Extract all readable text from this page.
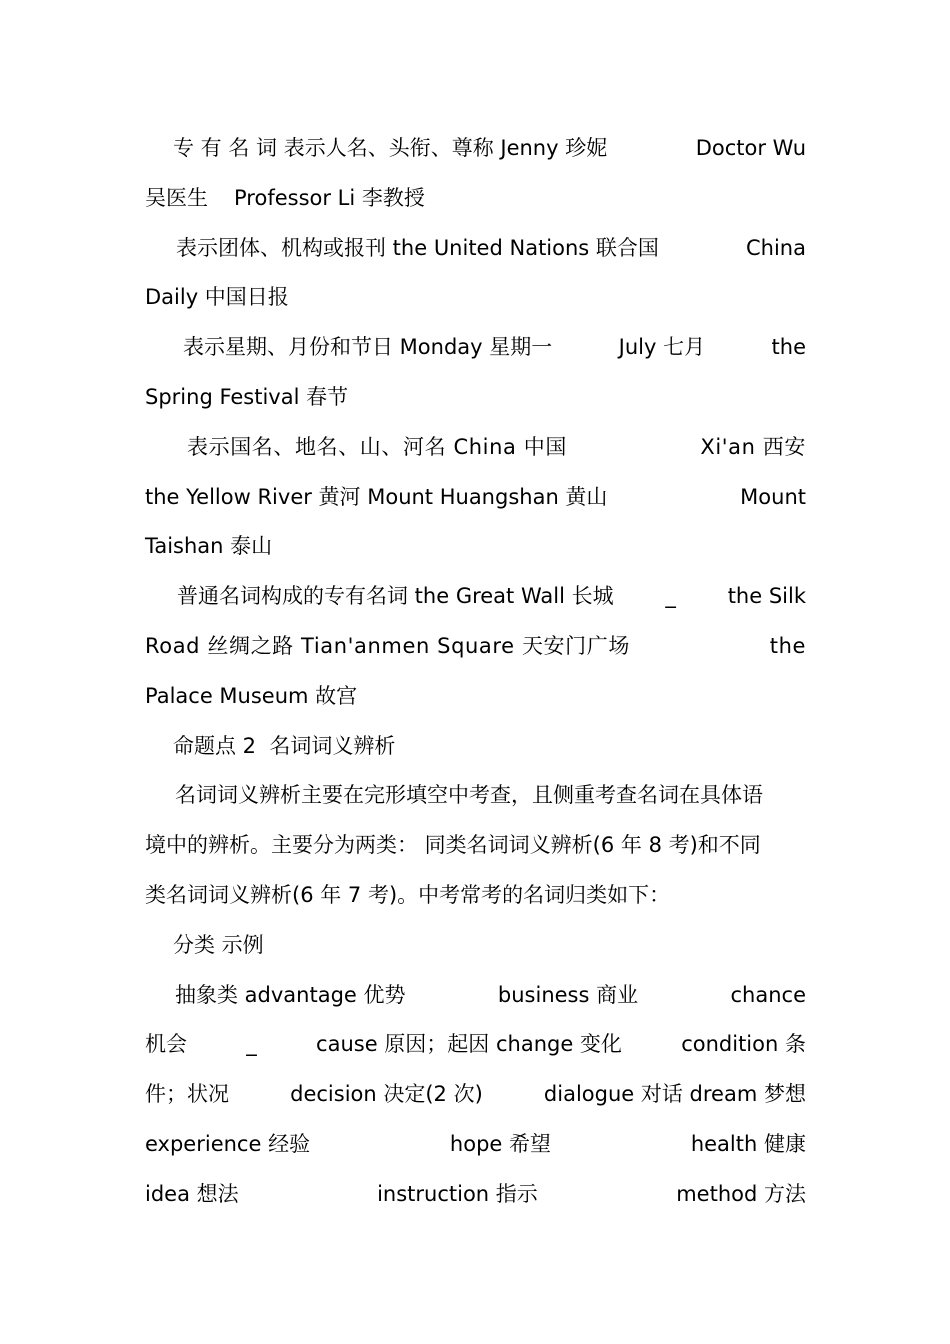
专 有 名 词 表示人名、头衔、尊称 Jenny 珍妮	Doctor Wu
吴医生 Professor Li 李教授
表示团体、机构或报刊 the United Nations 联合国	China
Daily 中国日报
表示星期、月份和节日 Monday 星期一	July 七月	the
Spring Festival 春节
表示国名、地名、山、河名 China 中国	Xi'an 西安
the Yellow River 黄河 Mount Huangshan 黄山	Mount
Taishan 泰山
普通名词构成的专有名词 the Great Wall 长城 _ the Silk
Road 丝绸之路 Tian'anmen Square 天安门广场	the
Palace Museum 故宫
命题点 2  名词词义辨析
名词词义辨析主要在完形填空中考查，且侧重考查名词在具体语
境中的辨析。主要分为两类： 同类名词词义辨析(6 年 8 考)和不同
类名词词义辨析(6 年 7 考)。中考常考的名词归类如下：
分类 示例
抽象类 advantage 优势	business 商业	chance
机会	_	cause 原因；起因 change 变化	condition 条
件；状况	decision 决定(2 次)	dialogue 对话 dream 梦想
experience 经验	hope 希望	health 健康
idea 想法	instruction 指示	method 方法
